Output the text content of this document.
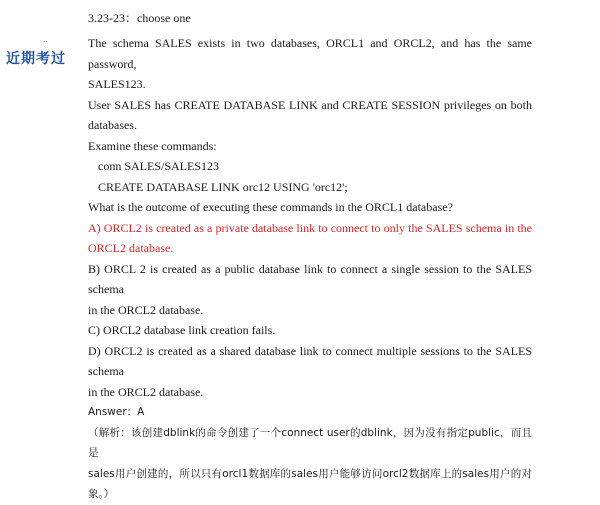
..
近期考过
3.23-23：choose one
The schema SALES exists in two databases, ORCL1 and ORCL2, and has the same password,
SALES123.
User SALES has CREATE DATABASE LINK and CREATE SESSION privileges on both
databases.
Examine these commands:
conn SALES/SALES123
CREATE DATABASE LINK orc12 USING 'orc12';
What is the outcome of executing these commands in the ORCL1 database?
A) ORCL2 is created as a private database link to connect to only the SALES schema in the
ORCL2 database.
B) ORCL 2 is created as a public database link to connect a single session to the SALES schema
in the ORCL2 database.
C) ORCL2 database link creation fails.
D) ORCL2 is created as a shared database link to connect multiple sessions to the SALES schema
in the ORCL2 database.
Answer：A
（解析：该创建dblink的命令创建了一个connect user的dblink，因为没有指定public，而且是
sales用户创建的，所以只有orcl1数据库的sales用户能够访问orcl2数据库上的sales用户的对
象。）
